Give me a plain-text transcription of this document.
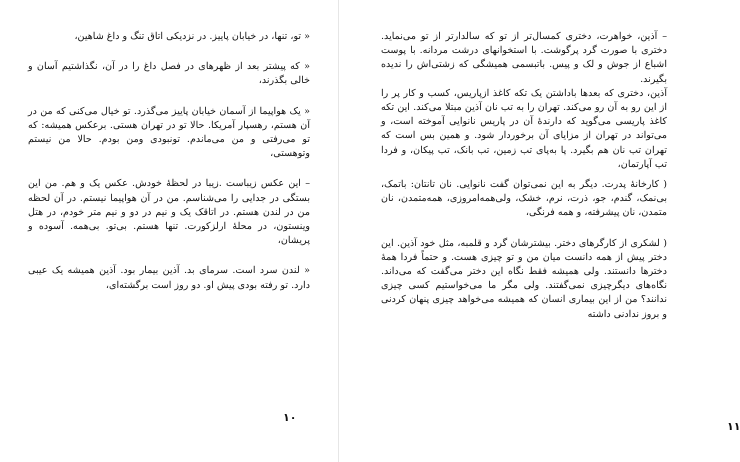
« تو، تنها، در خیابان پاییز. در نزدیکی اتاق تنگ و داغ شاهین،

« که پیشتر بعد از ظهرهای در فصل داغ را در آن، نگذاشتیم آسان و خالی بگذرند،

« یک هواپیما از آسمان خیابان پاییز می‌گذرد. تو خیال می‌کنی که من در آن هستم، رهسپار آمریکا. حالا تو در تهران هستی. برعکس همیشه: که تو می‌رفتی و من می‌ماندم. تونبودی ومن بودم. حالا من نیستم وتوهستی،

– این عکس زیباست .زیبا در لحظهٔ خودش. عکس یک و هم. من این بستگی در جدایی را می‌شناسم. من در آن هواپیما نیستم. در آن لحظه من در لندن هستم. در اتاقک یک و نیم در دو و نیم متر خودم، در هتل وینستون، در محلهٔ ارلزکورت. تنها هستم. بی‌تو. بی‌همه. آسوده و پریشان،

« لندن سرد است. سرمای بد. آذین بیمار بود. آذین همیشه یک عیبی دارد. تو رفته بودی پیش او. دو روز است برگشته‌ای،

۱۰

– آذین، خواهرت، دختری کمسال‌تر از تو که سالدارتر از تو می‌نماید. دختری با صورت گرد پرگوشت. با استخوانهای درشت مردانه. با پوست اشباع از جوش و لک و پیس. باتبسمی همیشگی که زشتی‌اش را ندیده بگیرند.
آذین، دختری که بعدها باداشتن یک تکه کاغذ ازپاریس، کسب و کار پر را از این رو به آن رو می‌کند. تهران را به تب نان آذین مبتلا می‌کند. این تکه کاغذ پاریسی می‌گوید که دارندهٔ آن در پاریس نانوایی آموخته است، و می‌تواند در تهران از مزایای آن برخوردار شود. و همین بس است که تهران تب نان هم بگیرد. پا به‌پای تب زمین، تب بانک، تب پیکان، و فردا تب آپارتمان،

( کارخانهٔ پدرت. دیگر به این نمی‌توان گفت نانوایی. نان تانتان: باتمک، بی‌نمک، گندم، جو، ذرت، نرم، خشک، ولی‌همه‌امروزی، همه‌متمدن، نان متمدن، نان پیشرفته، و همه فرنگی،

( لشکری از کارگرهای دختر. بیشترشان گرد و قلمبه، مثل خود آذین. این دختر پیش از همه دانست میان من و تو چیزی هست. و حتماً فردا همهٔ دخترها دانستند. ولی همیشه فقط نگاه این دختر می‌گفت که می‌داند. نگاه‌های دیگرچیزی نمی‌گفتند. ولی مگر ما می‌خواستیم کسی چیزی ندانند؟ من از این بیماری انسان که همیشه می‌خواهد چیزی پنهان کردنی و بروز ندادنی داشته

۱۱
